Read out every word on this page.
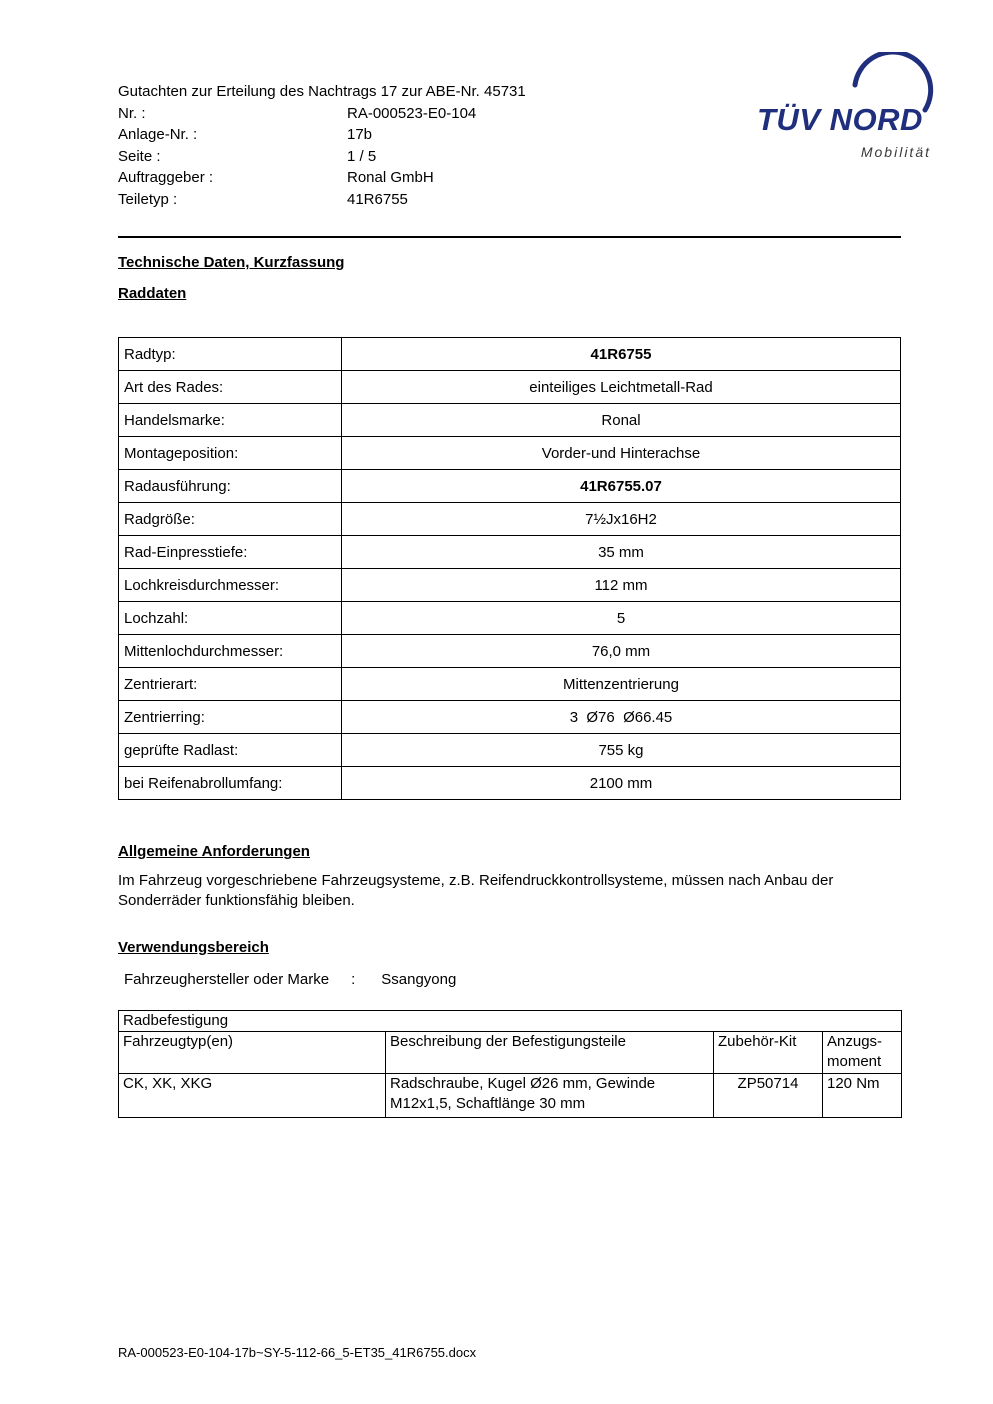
TÜV NORD
Mobilität
Gutachten zur Erteilung des Nachtrags 17 zur ABE-Nr. 45731
Nr. :	RA-000523-E0-104
Anlage-Nr. :	17b
Seite :	1 / 5
Auftraggeber :	Ronal GmbH
Teiletyp :	41R6755
Technische Daten, Kurzfassung
Raddaten
Radtyp:	41R6755
Art des Rades:	einteiliges Leichtmetall-Rad
Handelsmarke:	Ronal
Montageposition:	Vorder-und Hinterachse
Radausführung:	41R6755.07
Radgröße:	7½Jx16H2
Rad-Einpresstiefe:	35 mm
Lochkreisdurchmesser:	112 mm
Lochzahl:	5
Mittenlochdurchmesser:	76,0 mm
Zentrierart:	Mittenzentrierung
Zentrierring:	3  Ø76  Ø66.45
geprüfte Radlast:	755 kg
bei Reifenabrollumfang:	2100 mm
Allgemeine Anforderungen
Im Fahrzeug vorgeschriebene Fahrzeugsysteme, z.B. Reifendruckkontrollsysteme, müssen nach Anbau der Sonderräder funktionsfähig bleiben.
Verwendungsbereich
Fahrzeughersteller oder Marke : Ssangyong
Radbefestigung			
Fahrzeugtyp(en)	Beschreibung der Befestigungsteile	Zubehör-Kit	Anzugs-moment
CK, XK, XKG	Radschraube, Kugel Ø26 mm, Gewinde M12x1,5, Schaftlänge 30 mm	ZP50714	120 Nm
RA-000523-E0-104-17b~SY-5-112-66_5-ET35_41R6755.docx
